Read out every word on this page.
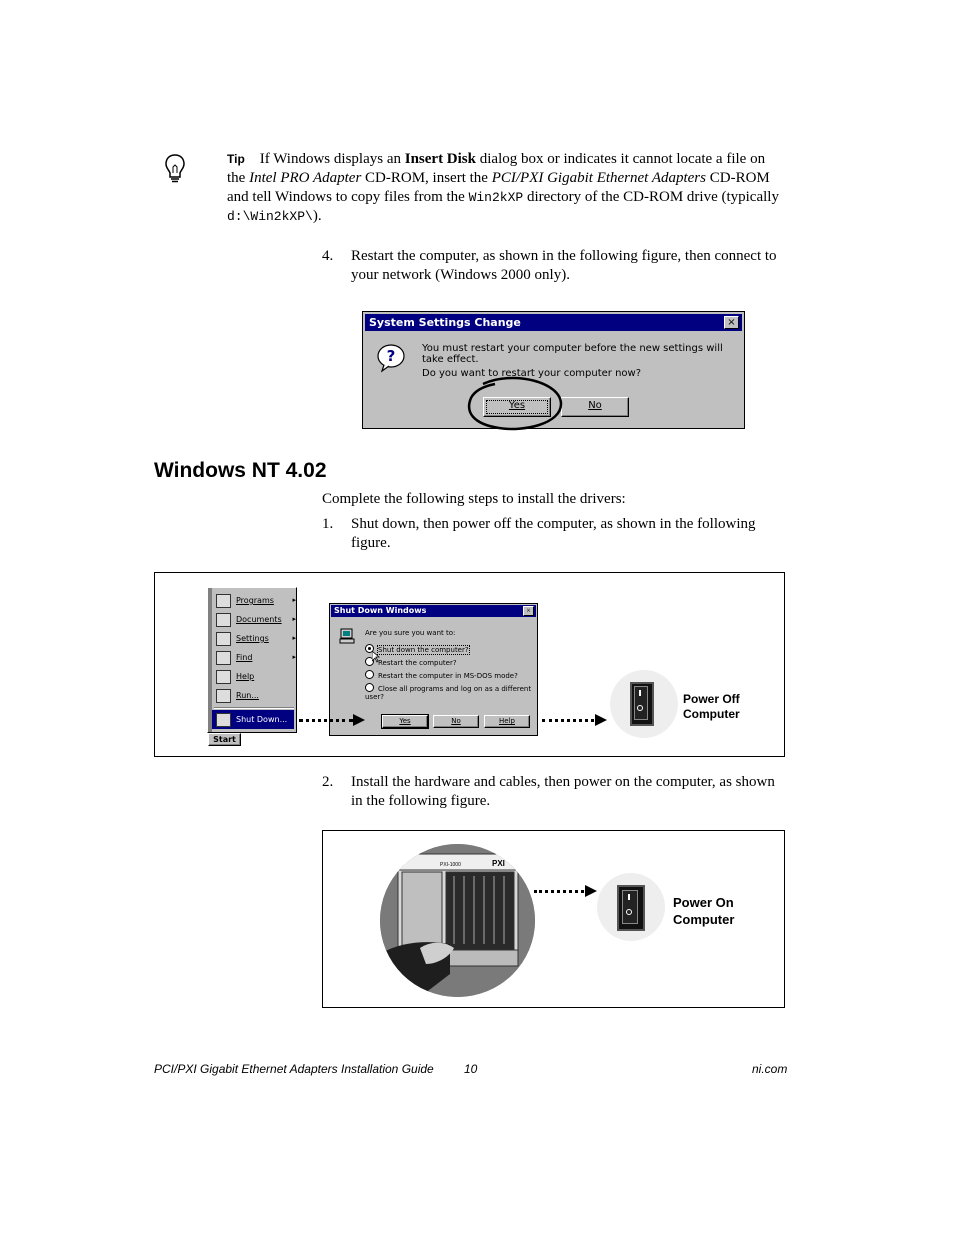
Tip If Windows displays an Insert Disk dialog box or indicates it cannot locate a file on the Intel PRO Adapter CD-ROM, insert the PCI/PXI Gigabit Ethernet Adapters CD-ROM and tell Windows to copy files from the Win2kXP directory of the CD-ROM drive (typically d:\Win2kXP\).
4. Restart the computer, as shown in the following figure, then connect to your network (Windows 2000 only).
System Settings Change	×
?	You must restart your computer before the new settings will take effect.
Do you want to restart your computer now?
Yes	No
Windows NT 4.02
Complete the following steps to install the drivers:
1. Shut down, then power off the computer, as shown in the following figure.
Programs	▸
Documents ▸
Settings	▸
Find	▸
Help
Run...
Shut Down...
Start
Shut Down Windows	×
Are you sure you want to:
Shut down the computer?
Restart the computer?
Restart the computer in MS-DOS mode?
Close all programs and log on as a different user?
Yes	No	Help
Power Off
Computer
2. Install the hardware and cables, then power on the computer, as shown in the following figure.
PXI
PXI-1000
Power On
Computer
PCI/PXI Gigabit Ethernet Adapters Installation Guide	10	ni.com
